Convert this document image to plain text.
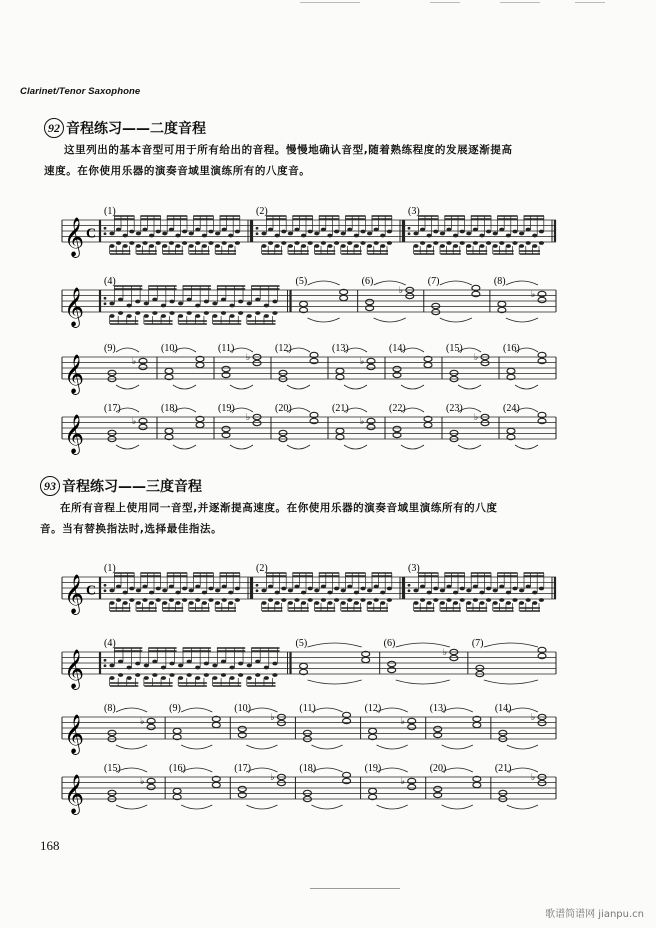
Clarinet/Tenor Saxophone
92 音程练习——二度音程
这里列出的基本音型可用于所有给出的音程。慢慢地确认音型,随着熟练程度的发展逐渐提高
速度。在你使用乐器的演奏音域里演练所有的八度音。
𝄞 C
(1)	(2)	(3)
𝄞
(4)	(5)	(6)
♭
(7)	(8)
♭
𝄞
(9)
♭
(10)	(11)
♭
(12)	(13)
♭
(14)	(15)
♭
(16)
𝄞
(17)
♭
(18)	(19)
♭
(20)	(21)
♭
(22)	(23)
♭
(24)
93 音程练习——三度音程
在所有音程上使用同一音型,并逐渐提高速度。在你使用乐器的演奏音域里演练所有的八度
音。当有替换指法时,选择最佳指法。
𝄞 C
(1)	(2)	(3)
𝄞
(4)	(5)	(6)
♭
(7)
𝄞
(8)
♭
(9)	(10)
♭
(11)	(12)
♭
(13)	(14)
♭
𝄞
(15)
♭
(16)	(17)
♭
(18)	(19)
♭
(20)	(21)
♭
168
歌谱简谱网 jianpu.cn
